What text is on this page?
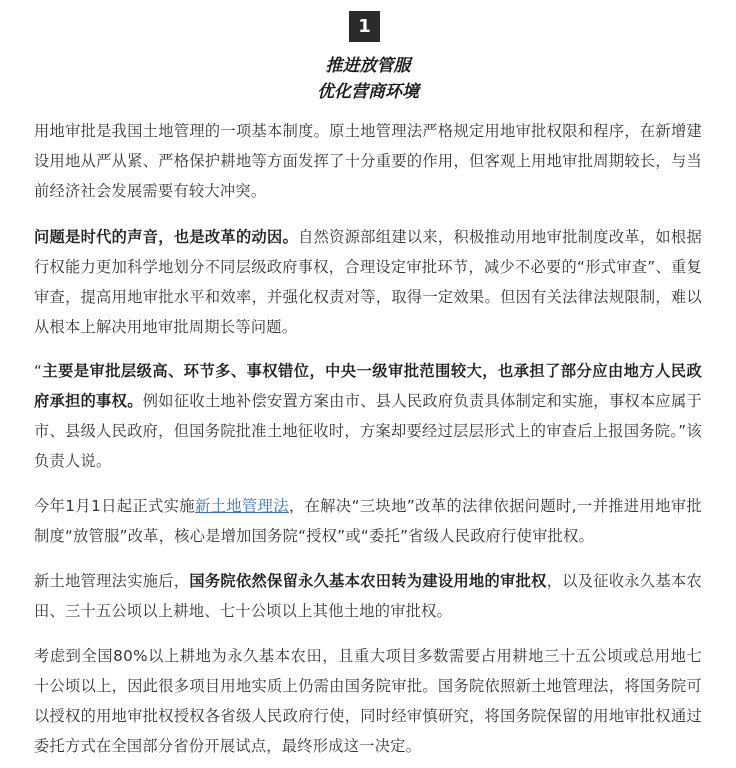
1
推进放管服
优化营商环境

用地审批是我国土地管理的一项基本制度。原土地管理法严格规定用地审批权限和程序，在新增建设用地从严从紧、严格保护耕地等方面发挥了十分重要的作用，但客观上用地审批周期较长，与当前经济社会发展需要有较大冲突。

问题是时代的声音，也是改革的动因。自然资源部组建以来，积极推动用地审批制度改革，如根据行权能力更加科学地划分不同层级政府事权，合理设定审批环节，减少不必要的“形式审查”、重复审查，提高用地审批水平和效率，并强化权责对等，取得一定效果。但因有关法律法规限制，难以从根本上解决用地审批周期长等问题。

“主要是审批层级高、环节多、事权错位，中央一级审批范围较大，也承担了部分应由地方人民政府承担的事权。例如征收土地补偿安置方案由市、县人民政府负责具体制定和实施，事权本应属于市、县级人民政府，但国务院批准土地征收时，方案却要经过层层形式上的审查后上报国务院。”该负责人说。

今年1月1日起正式实施新土地管理法，在解决“三块地”改革的法律依据问题时,一并推进用地审批制度“放管服”改革，核心是增加国务院“授权”或“委托”省级人民政府行使审批权。

新土地管理法实施后，国务院依然保留永久基本农田转为建设用地的审批权，以及征收永久基本农田、三十五公顷以上耕地、七十公顷以上其他土地的审批权。

考虑到全国80%以上耕地为永久基本农田，且重大项目多数需要占用耕地三十五公顷或总用地七十公顷以上，因此很多项目用地实质上仍需由国务院审批。国务院依照新土地管理法，将国务院可以授权的用地审批权授权各省级人民政府行使，同时经审慎研究，将国务院保留的用地审批权通过委托方式在全国部分省份开展试点，最终形成这一决定。
